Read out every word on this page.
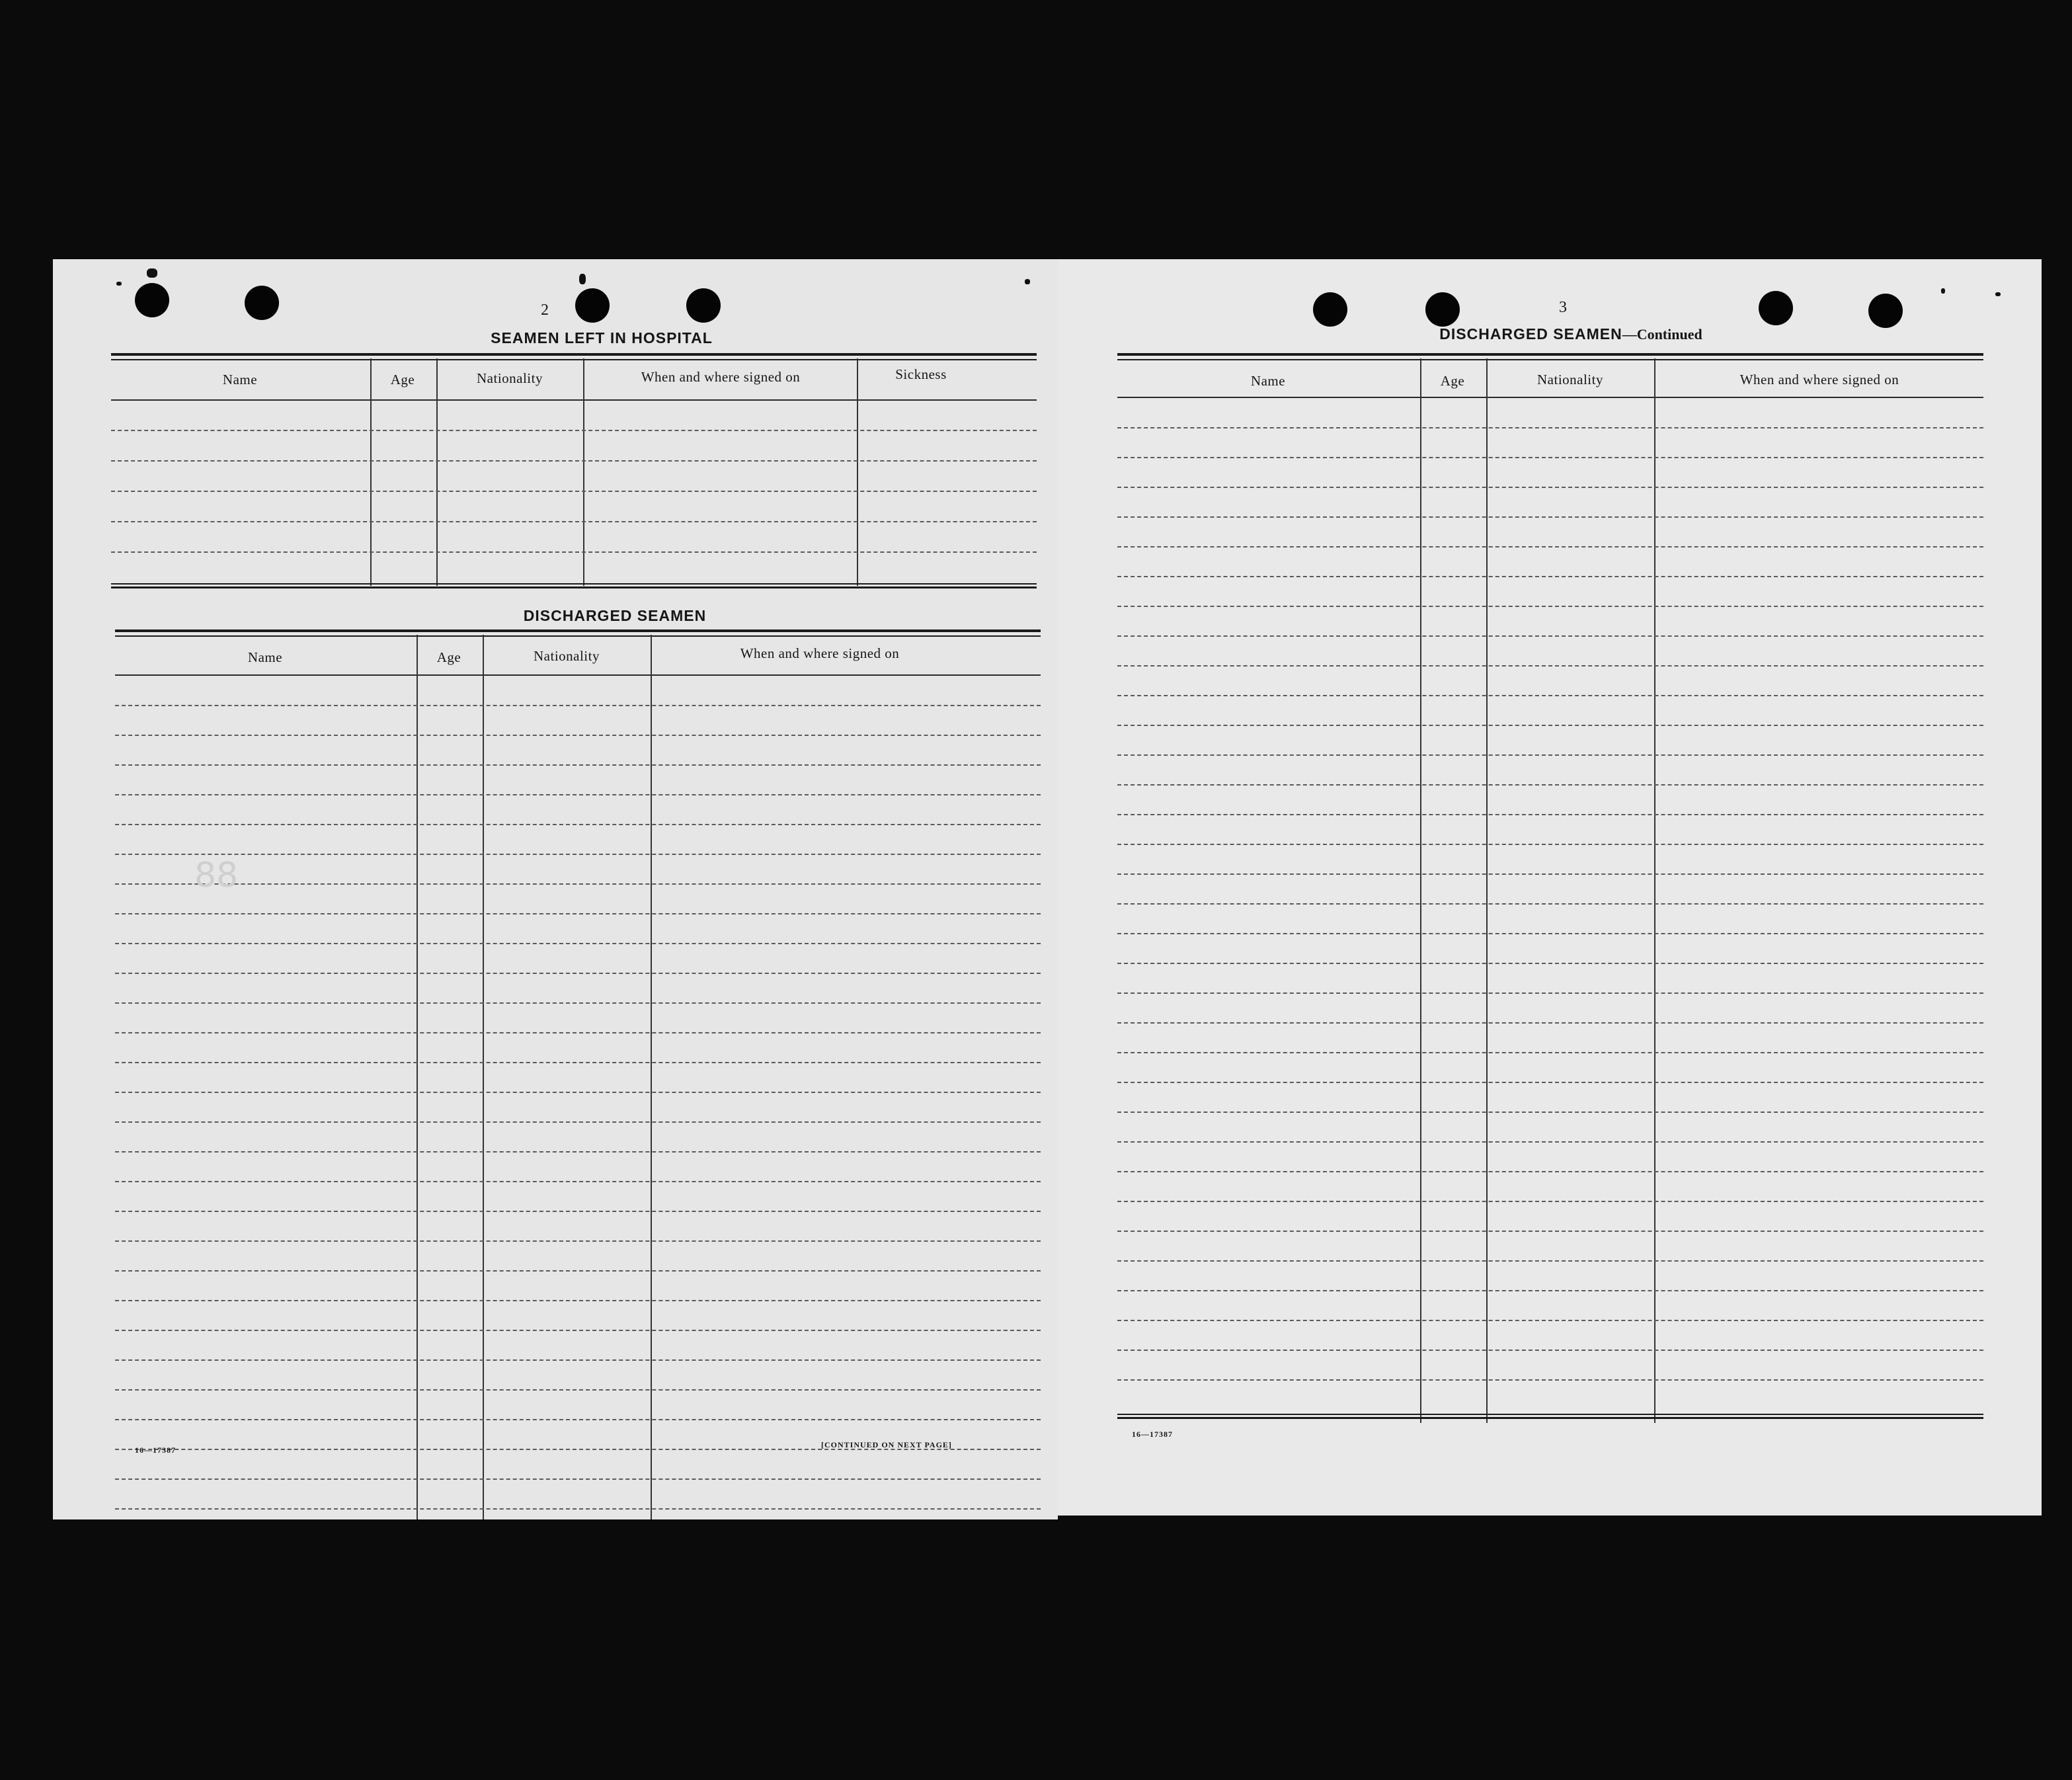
2
SEAMEN LEFT IN HOSPITAL
Name	Age	Nationality	When and where signed on	Sickness
DISCHARGED SEAMEN
Name	Age	Nationality	When and where signed on
88
16—17387
[CONTINUED ON NEXT PAGE]
3
DISCHARGED SEAMEN—Continued
Name	Age	Nationality	When and where signed on
16—17387
